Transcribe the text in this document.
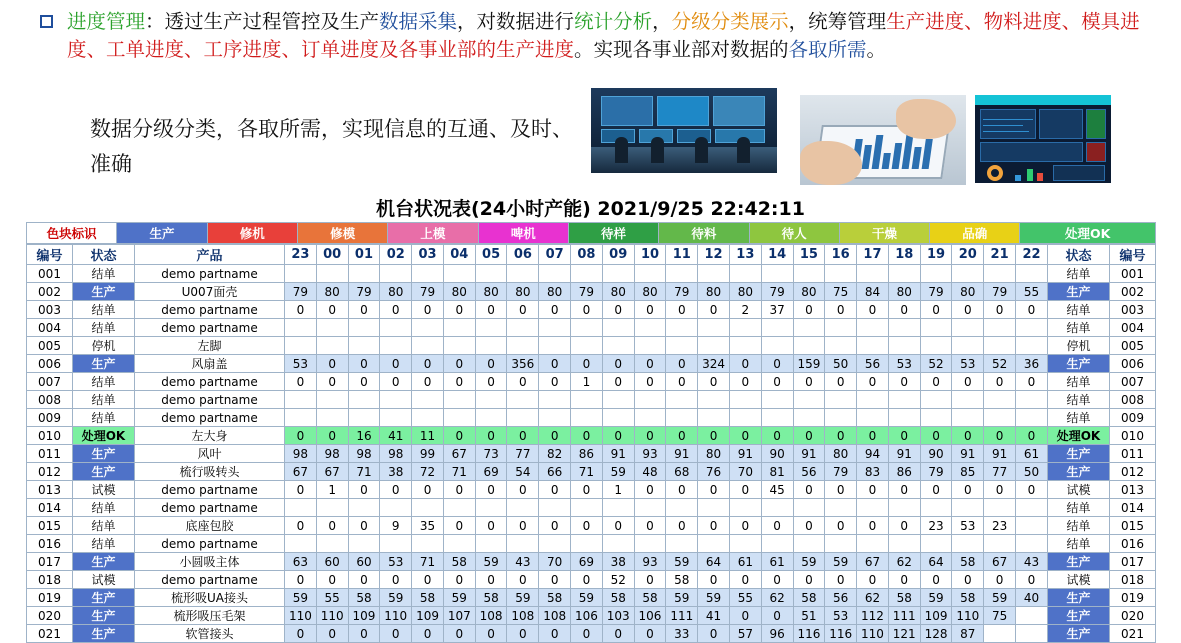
进度管理：透过生产过程管控及生产数据采集，对数据进行统计分析，分级分类展示，统筹管理生产进度、物料进度、模具进度、工单进度、工序进度、订单进度及各事业部的生产进度。实现各事业部对数据的各取所需。
数据分级分类，各取所需，实现信息的互通、及时、准确
机台状况表(24小时产能) 2021/9/25 22:42:11
色块标识	生产	修机	修模	上模	啤机	待样	待料	待人	干燥	品确	处理OK
编号	状态	产品	23	00	01	02	03	04	05	06	07	08	09	10	11	12	13	14	15	16	17	18	19	20	21	22	状态	编号
001	结单	demo partname																									结单	001
002	生产	U007面壳	79	80	79	80	79	80	80	80	80	79	80	80	79	80	80	79	80	75	84	80	79	80	79	55	生产	002
003	结单	demo partname	0	0	0	0	0	0	0	0	0	0	0	0	0	0	2	37	0	0	0	0	0	0	0	0	结单	003
004	结单	demo partname																									结单	004
005	停机	左脚																									停机	005
006	生产	风扇盖	53	0	0	0	0	0	0	356	0	0	0	0	0	324	0	0	159	50	56	53	52	53	52	36	生产	006
007	结单	demo partname	0	0	0	0	0	0	0	0	0	1	0	0	0	0	0	0	0	0	0	0	0	0	0	0	结单	007
008	结单	demo partname																									结单	008
009	结单	demo partname																									结单	009
010	处理OK	左大身	0	0	16	41	11	0	0	0	0	0	0	0	0	0	0	0	0	0	0	0	0	0	0	0	处理OK	010
011	生产	风叶	98	98	98	98	99	67	73	77	82	86	91	93	91	80	91	90	91	80	94	91	90	91	91	61	生产	011
012	生产	梳行吸转头	67	67	71	38	72	71	69	54	66	71	59	48	68	76	70	81	56	79	83	86	79	85	77	50	生产	012
013	试模	demo partname	0	1	0	0	0	0	0	0	0	0	1	0	0	0	0	45	0	0	0	0	0	0	0	0	试模	013
014	结单	demo partname																									结单	014
015	结单	底座包胶	0	0	0	9	35	0	0	0	0	0	0	0	0	0	0	0	0	0	0	0	23	53	23		结单	015
016	结单	demo partname																									结单	016
017	生产	小圆吸主体	63	60	60	53	71	58	59	43	70	69	38	93	59	64	61	61	59	59	67	62	64	58	67	43	生产	017
018	试模	demo partname	0	0	0	0	0	0	0	0	0	0	52	0	58	0	0	0	0	0	0	0	0	0	0	0	试模	018
019	生产	梳形吸UA接头	59	55	58	59	58	59	58	59	58	59	58	58	59	59	55	62	58	56	62	58	59	58	59	40	生产	019
020	生产	梳形吸压毛架	110	110	109	110	109	107	108	108	108	106	103	106	111	41	0	0	51	53	112	111	109	110	75		生产	020
021	生产	软管接头	0	0	0	0	0	0	0	0	0	0	0	0	33	0	57	96	116	116	110	121	128	87			生产	021
